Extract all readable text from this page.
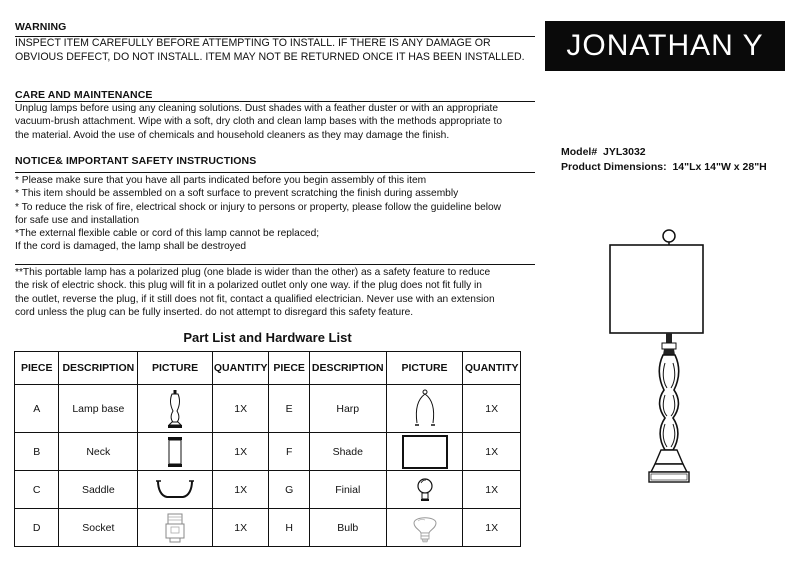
WARNING
INSPECT ITEM CAREFULLY BEFORE ATTEMPTING TO INSTALL. IF THERE IS ANY DAMAGE OR
OBVIOUS DEFECT, DO NOT INSTALL. ITEM MAY NOT BE RETURNED ONCE IT HAS BEEN INSTALLED.
CARE AND MAINTENANCE
Unplug lamps before using any cleaning solutions. Dust shades with a feather duster or with an appropriate
vacuum-brush attachment. Wipe with a soft, dry cloth and clean lamp bases with the methods appropriate to
the material. Avoid the use of chemicals and household cleaners as they may damage the finish.
NOTICE& IMPORTANT SAFETY INSTRUCTIONS
* Please make sure that you have all parts indicated before you begin assembly of this item
* This item should be assembled on a soft surface to prevent scratching the finish during assembly
* To reduce the risk of fire, electrical shock or injury to persons or property, please follow the guideline below
for safe use and installation
*The external flexible cable or cord of this lamp cannot be replaced;
If the cord is damaged, the lamp shall be destroyed
**This portable lamp has a polarized plug (one blade is wider than the other) as a safety feature to reduce
the risk of electric shock. this plug will fit in a polarized outlet only one way. if the plug does not fit fully in
the outlet, reverse the plug, if it still does not fit, contact a qualified electrician. Never use with an extension
cord unless the plug can be fully inserted. do not attempt to disregard this safety feature.
JONATHAN Y
Model# JYL3032
Product Dimensions: 14"Lx 14"W x 28"H
Part List and Hardware List
PIECE	DESCRIPTION	PICTURE	QUANTITY	PIECE	DESCRIPTION	PICTURE	QUANTITY
A	Lamp base		1X	E	Harp		1X
B	Neck		1X	F	Shade		1X
C	Saddle		1X	G	Finial		1X
D	Socket		1X	H	Bulb		1X
